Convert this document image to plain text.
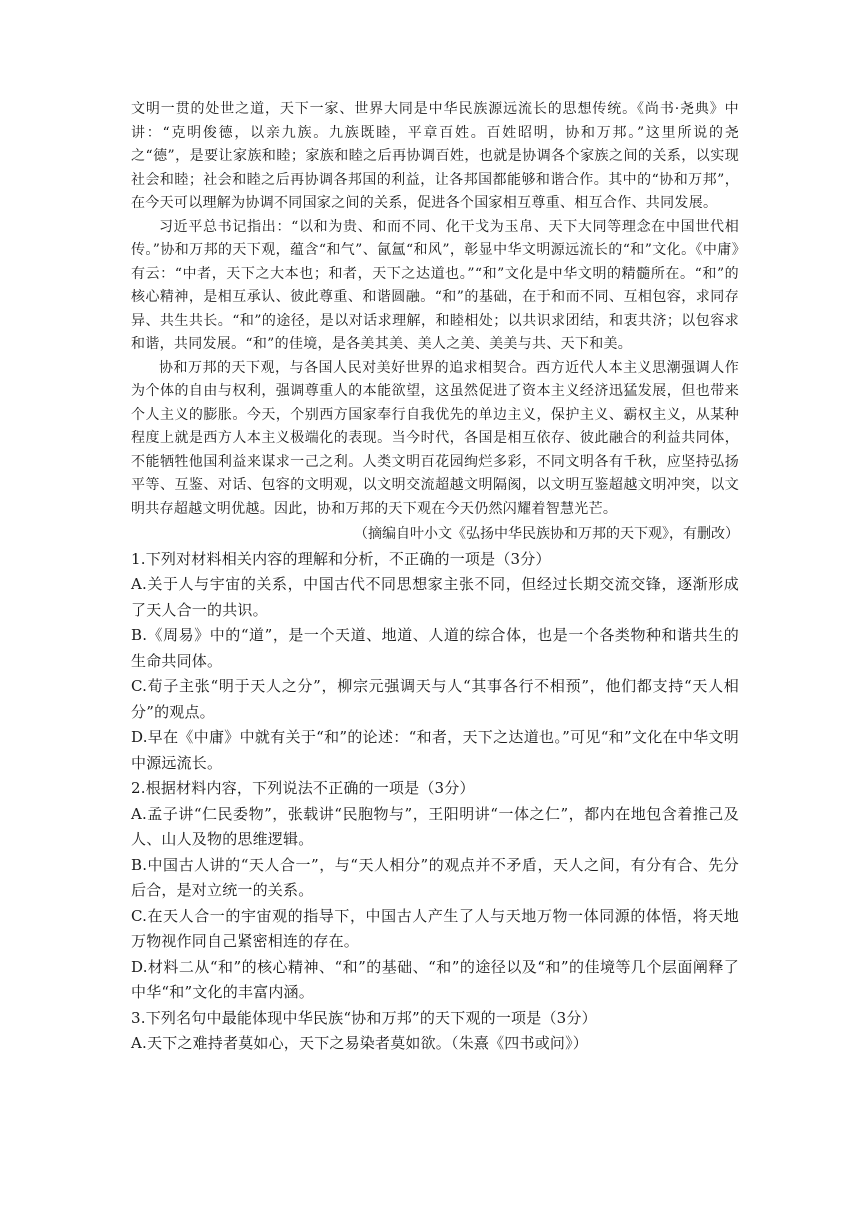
文明一贯的处世之道，天下一家、世界大同是中华民族源远流长的思想传统。《尚书·尧典》中讲：“克明俊德，以亲九族。九族既睦，平章百姓。百姓昭明，协和万邦。”这里所说的尧之“德”，是要让家族和睦；家族和睦之后再协调百姓，也就是协调各个家族之间的关系，以实现社会和睦；社会和睦之后再协调各邦国的利益，让各邦国都能够和谐合作。其中的“协和万邦”，在今天可以理解为协调不同国家之间的关系，促进各个国家相互尊重、相互合作、共同发展。

习近平总书记指出：“以和为贵、和而不同、化干戈为玉帛、天下大同等理念在中国世代相传。”协和万邦的天下观，蕴含“和气”、氤氲“和风”，彰显中华文明源远流长的“和”文化。《中庸》有云：“中者，天下之大本也；和者，天下之达道也。”“和”文化是中华文明的精髓所在。“和”的核心精神，是相互承认、彼此尊重、和谐圆融。“和”的基础，在于和而不同、互相包容，求同存异、共生共长。“和”的途径，是以对话求理解，和睦相处；以共识求团结，和衷共济；以包容求和谐，共同发展。“和”的佳境，是各美其美、美人之美、美美与共、天下和美。

协和万邦的天下观，与各国人民对美好世界的追求相契合。西方近代人本主义思潮强调人作为个体的自由与权利，强调尊重人的本能欲望，这虽然促进了资本主义经济迅猛发展，但也带来个人主义的膨胀。今天，个别西方国家奉行自我优先的单边主义，保护主义、霸权主义，从某种程度上就是西方人本主义极端化的表现。当今时代，各国是相互依存、彼此融合的利益共同体，不能牺牲他国利益来谋求一己之利。人类文明百花园绚烂多彩，不同文明各有千秋，应坚持弘扬平等、互鉴、对话、包容的文明观，以文明交流超越文明隔阂，以文明互鉴超越文明冲突，以文明共存超越文明优越。因此，协和万邦的天下观在今天仍然闪耀着智慧光芒。

（摘编自叶小文《弘扬中华民族协和万邦的天下观》，有删改）

1.下列对材料相关内容的理解和分析，不正确的一项是（3分）

A.关于人与宇宙的关系，中国古代不同思想家主张不同，但经过长期交流交锋，逐渐形成了天人合一的共识。

B.《周易》中的“道”，是一个天道、地道、人道的综合体，也是一个各类物种和谐共生的生命共同体。

C.荀子主张“明于天人之分”，柳宗元强调天与人“其事各行不相预”，他们都支持“天人相分”的观点。

D.早在《中庸》中就有关于“和”的论述：“和者，天下之达道也。”可见“和”文化在中华文明中源远流长。

2.根据材料内容，下列说法不正确的一项是（3分）

A.孟子讲“仁民委物”，张载讲“民胞物与”，王阳明讲“一体之仁”，都内在地包含着推己及人、山人及物的思维逻辑。

B.中国古人讲的“天人合一”，与“天人相分”的观点并不矛盾，天人之间，有分有合、先分后合，是对立统一的关系。

C.在天人合一的宇宙观的指导下，中国古人产生了人与天地万物一体同源的体悟，将天地万物视作同自己紧密相连的存在。

D.材料二从“和”的核心精神、“和”的基础、“和”的途径以及“和”的佳境等几个层面阐释了中华“和”文化的丰富内涵。

3.下列名句中最能体现中华民族“协和万邦”的天下观的一项是（3分）

A.天下之难持者莫如心，天下之易染者莫如欲。（朱熹《四书或问》）
